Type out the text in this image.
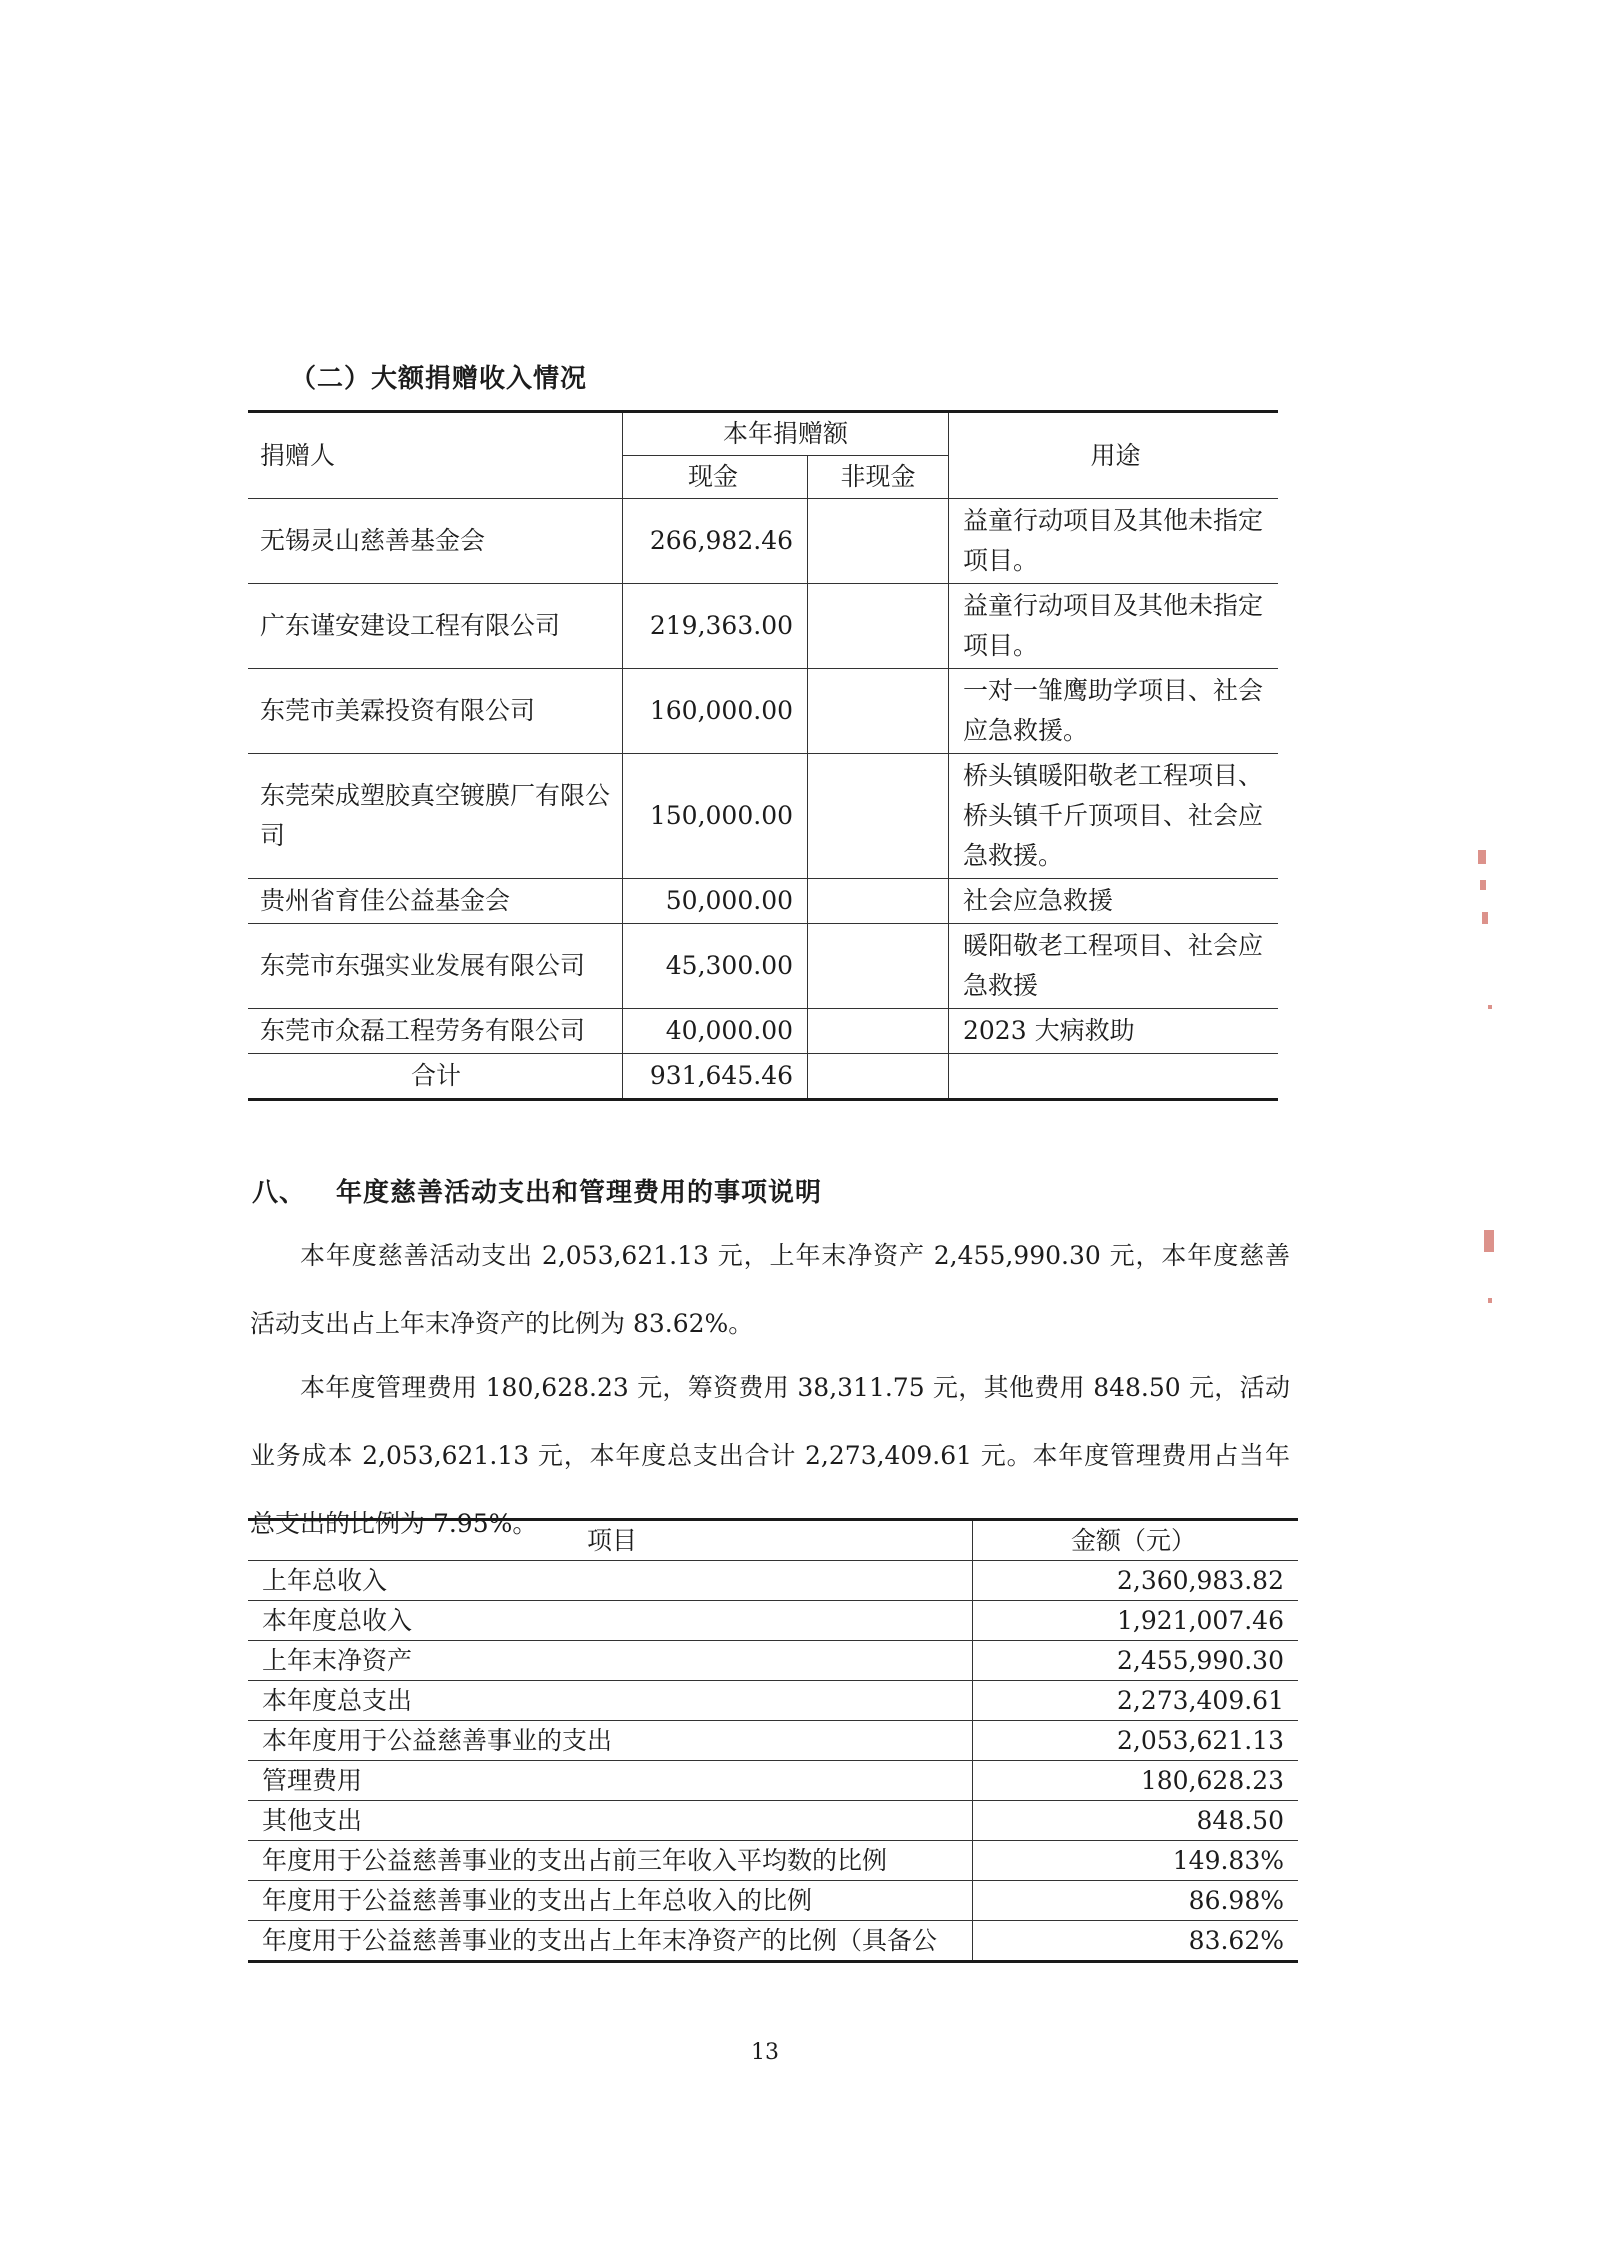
（二）大额捐赠收入情况
捐赠人	本年捐赠额		用途
	现金	非现金	
无锡灵山慈善基金会	266,982.46		益童行动项目及其他未指定项目。
广东谨安建设工程有限公司	219,363.00		益童行动项目及其他未指定项目。
东莞市美霖投资有限公司	160,000.00		一对一雏鹰助学项目、社会应急救援。
东莞荣成塑胶真空镀膜厂有限公司	150,000.00		桥头镇暖阳敬老工程项目、桥头镇千斤顶项目、社会应急救援。
贵州省育佳公益基金会	50,000.00		社会应急救援
东莞市东强实业发展有限公司	45,300.00		暖阳敬老工程项目、社会应急救援
东莞市众磊工程劳务有限公司	40,000.00		2023 大病救助
合计	931,645.46		
八、 年度慈善活动支出和管理费用的事项说明

本年度慈善活动支出 2,053,621.13 元，上年末净资产 2,455,990.30 元，本年度慈善活动支出占上年末净资产的比例为 83.62%。

本年度管理费用 180,628.23 元，筹资费用 38,311.75 元，其他费用 848.50 元，活动业务成本 2,053,621.13 元，本年度总支出合计 2,273,409.61 元。本年度管理费用占当年总支出的比例为 7.95%。

项目	金额（元）
上年总收入	2,360,983.82
本年度总收入	1,921,007.46
上年末净资产	2,455,990.30
本年度总支出	2,273,409.61
本年度用于公益慈善事业的支出	2,053,621.13
管理费用	180,628.23
其他支出	848.50
年度用于公益慈善事业的支出占前三年收入平均数的比例	149.83%
年度用于公益慈善事业的支出占上年总收入的比例	86.98%
年度用于公益慈善事业的支出占上年末净资产的比例（具备公	83.62%
13
